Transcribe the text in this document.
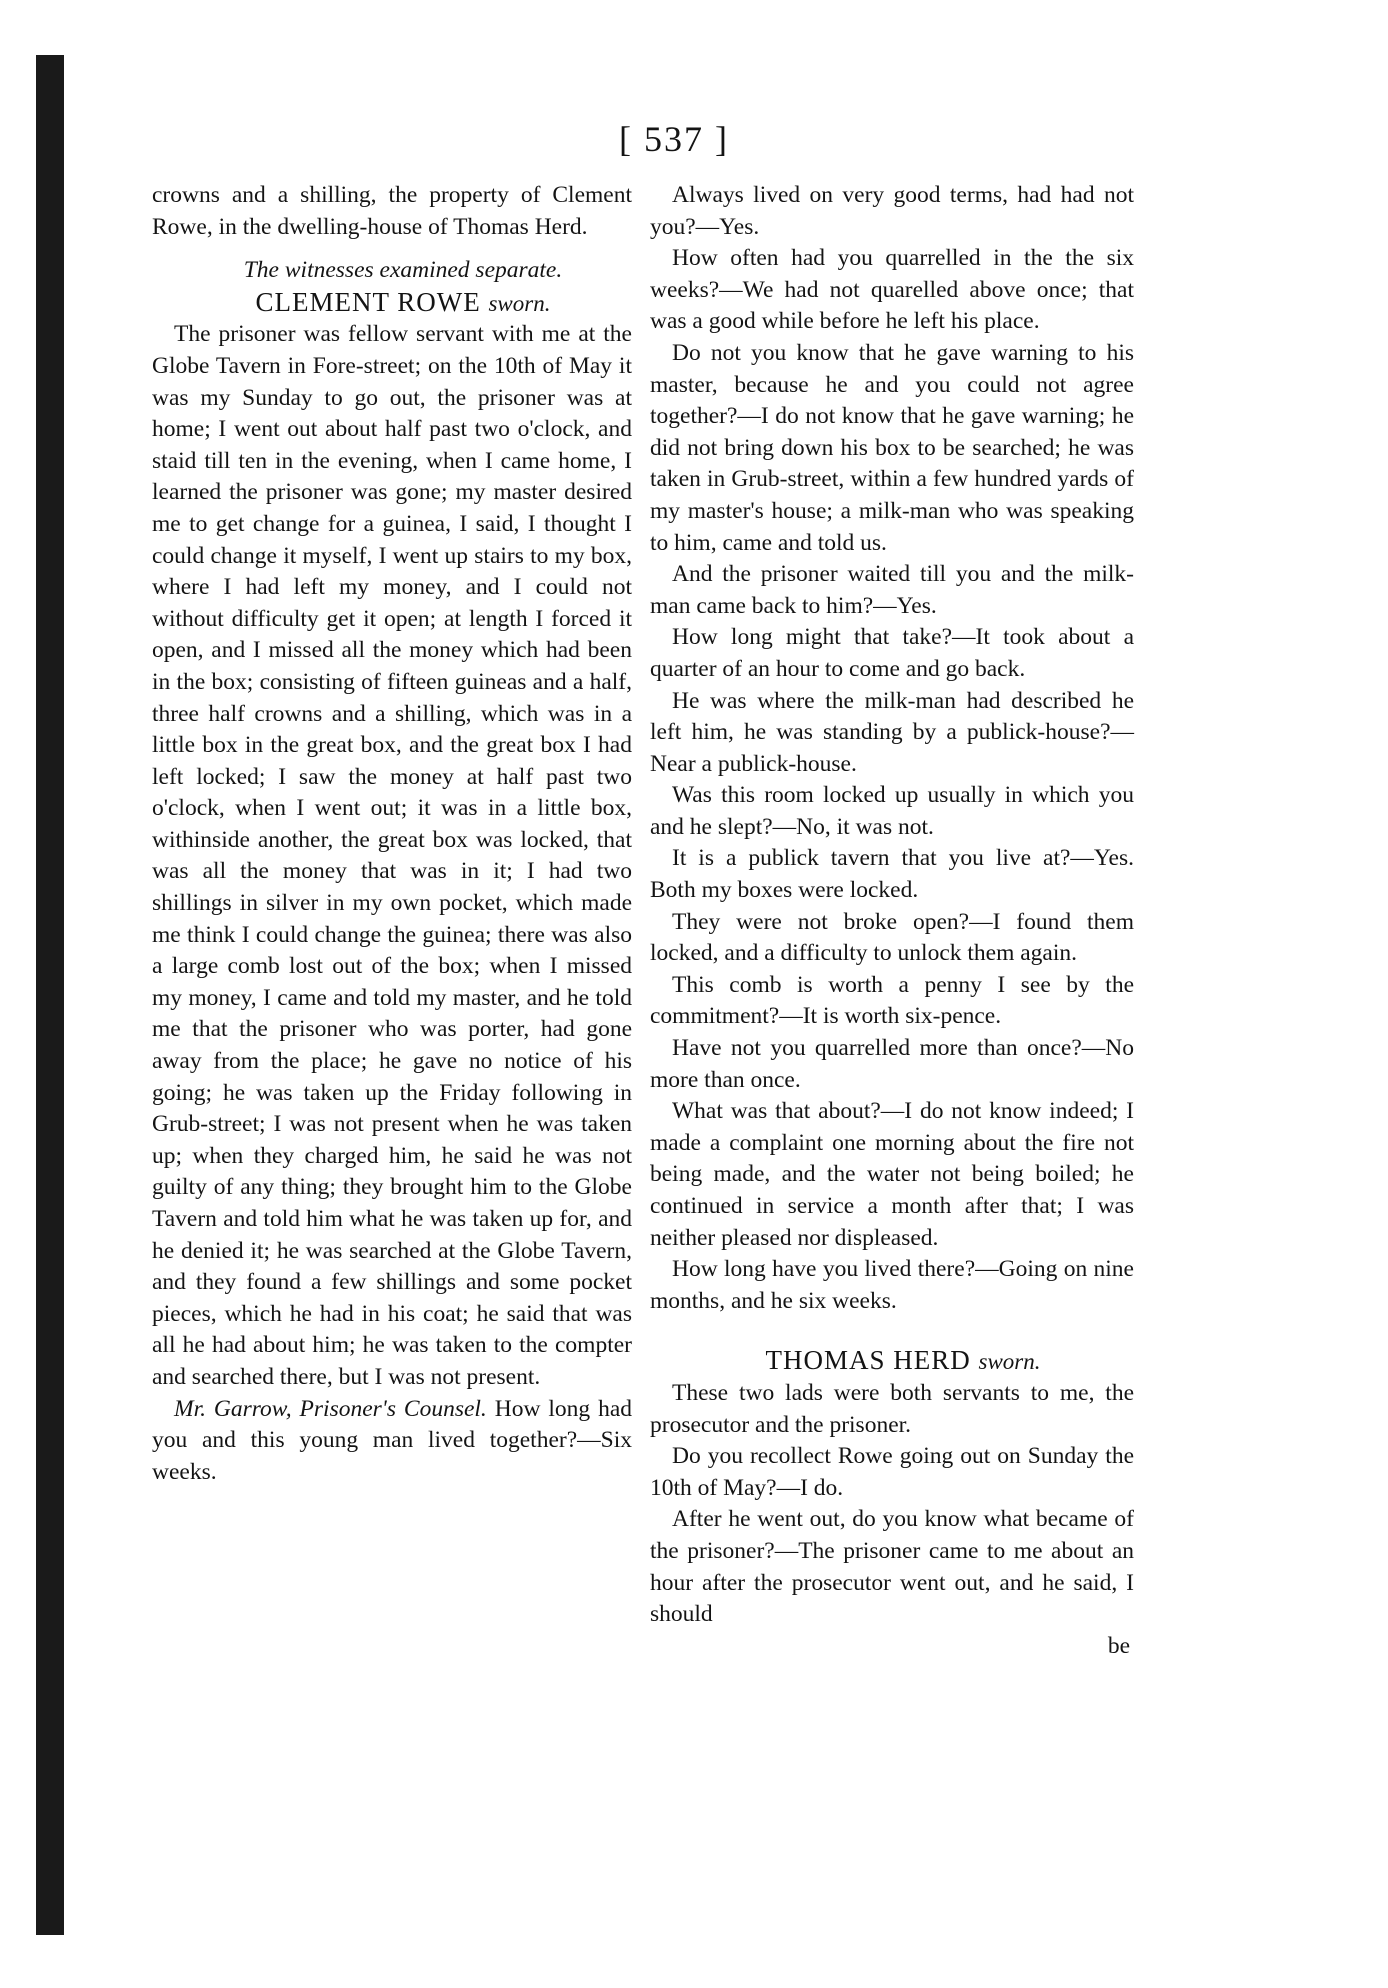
[ 537 ]

crowns and a shilling, the property of Clement Rowe, in the dwelling-house of Thomas Herd.

The witnesses examined separate.

CLEMENT ROWE sworn.

The prisoner was fellow servant with me at the Globe Tavern in Fore-street; on the 10th of May it was my Sunday to go out, the prisoner was at home; I went out about half past two o'clock, and staid till ten in the evening, when I came home, I learned the prisoner was gone; my master desired me to get change for a guinea, I said, I thought I could change it myself, I went up stairs to my box, where I had left my money, and I could not without difficulty get it open; at length I forced it open, and I missed all the money which had been in the box; consisting of fifteen guineas and a half, three half crowns and a shilling, which was in a little box in the great box, and the great box I had left locked; I saw the money at half past two o'clock, when I went out; it was in a little box, withinside another, the great box was locked, that was all the money that was in it; I had two shillings in silver in my own pocket, which made me think I could change the guinea; there was also a large comb lost out of the box; when I missed my money, I came and told my master, and he told me that the prisoner who was porter, had gone away from the place; he gave no notice of his going; he was taken up the Friday following in Grub-street; I was not present when he was taken up; when they charged him, he said he was not guilty of any thing; they brought him to the Globe Tavern and told him what he was taken up for, and he denied it; he was searched at the Globe Tavern, and they found a few shillings and some pocket pieces, which he had in his coat; he said that was all he had about him; he was taken to the compter and searched there, but I was not present.

Mr. Garrow, Prisoner's Counsel. How long had you and this young man lived together?—Six weeks.

Always lived on very good terms, had had not you?—Yes.

How often had you quarrelled in the the six weeks?—We had not quarelled above once; that was a good while before he left his place.

Do not you know that he gave warning to his master, because he and you could not agree together?—I do not know that he gave warning; he did not bring down his box to be searched; he was taken in Grub-street, within a few hundred yards of my master's house; a milk-man who was speaking to him, came and told us.

And the prisoner waited till you and the milk-man came back to him?—Yes.

How long might that take?—It took about a quarter of an hour to come and go back.

He was where the milk-man had described he left him, he was standing by a publick-house?—Near a publick-house.

Was this room locked up usually in which you and he slept?—No, it was not.

It is a publick tavern that you live at?—Yes. Both my boxes were locked.

They were not broke open?—I found them locked, and a difficulty to unlock them again.

This comb is worth a penny I see by the commitment?—It is worth six-pence.

Have not you quarrelled more than once?—No more than once.

What was that about?—I do not know indeed; I made a complaint one morning about the fire not being made, and the water not being boiled; he continued in service a month after that; I was neither pleased nor displeased.

How long have you lived there?—Going on nine months, and he six weeks.

THOMAS HERD sworn.

These two lads were both servants to me, the prosecutor and the prisoner.

Do you recollect Rowe going out on Sunday the 10th of May?—I do.

After he went out, do you know what became of the prisoner?—The prisoner came to me about an hour after the prosecutor went out, and he said, I should

be
